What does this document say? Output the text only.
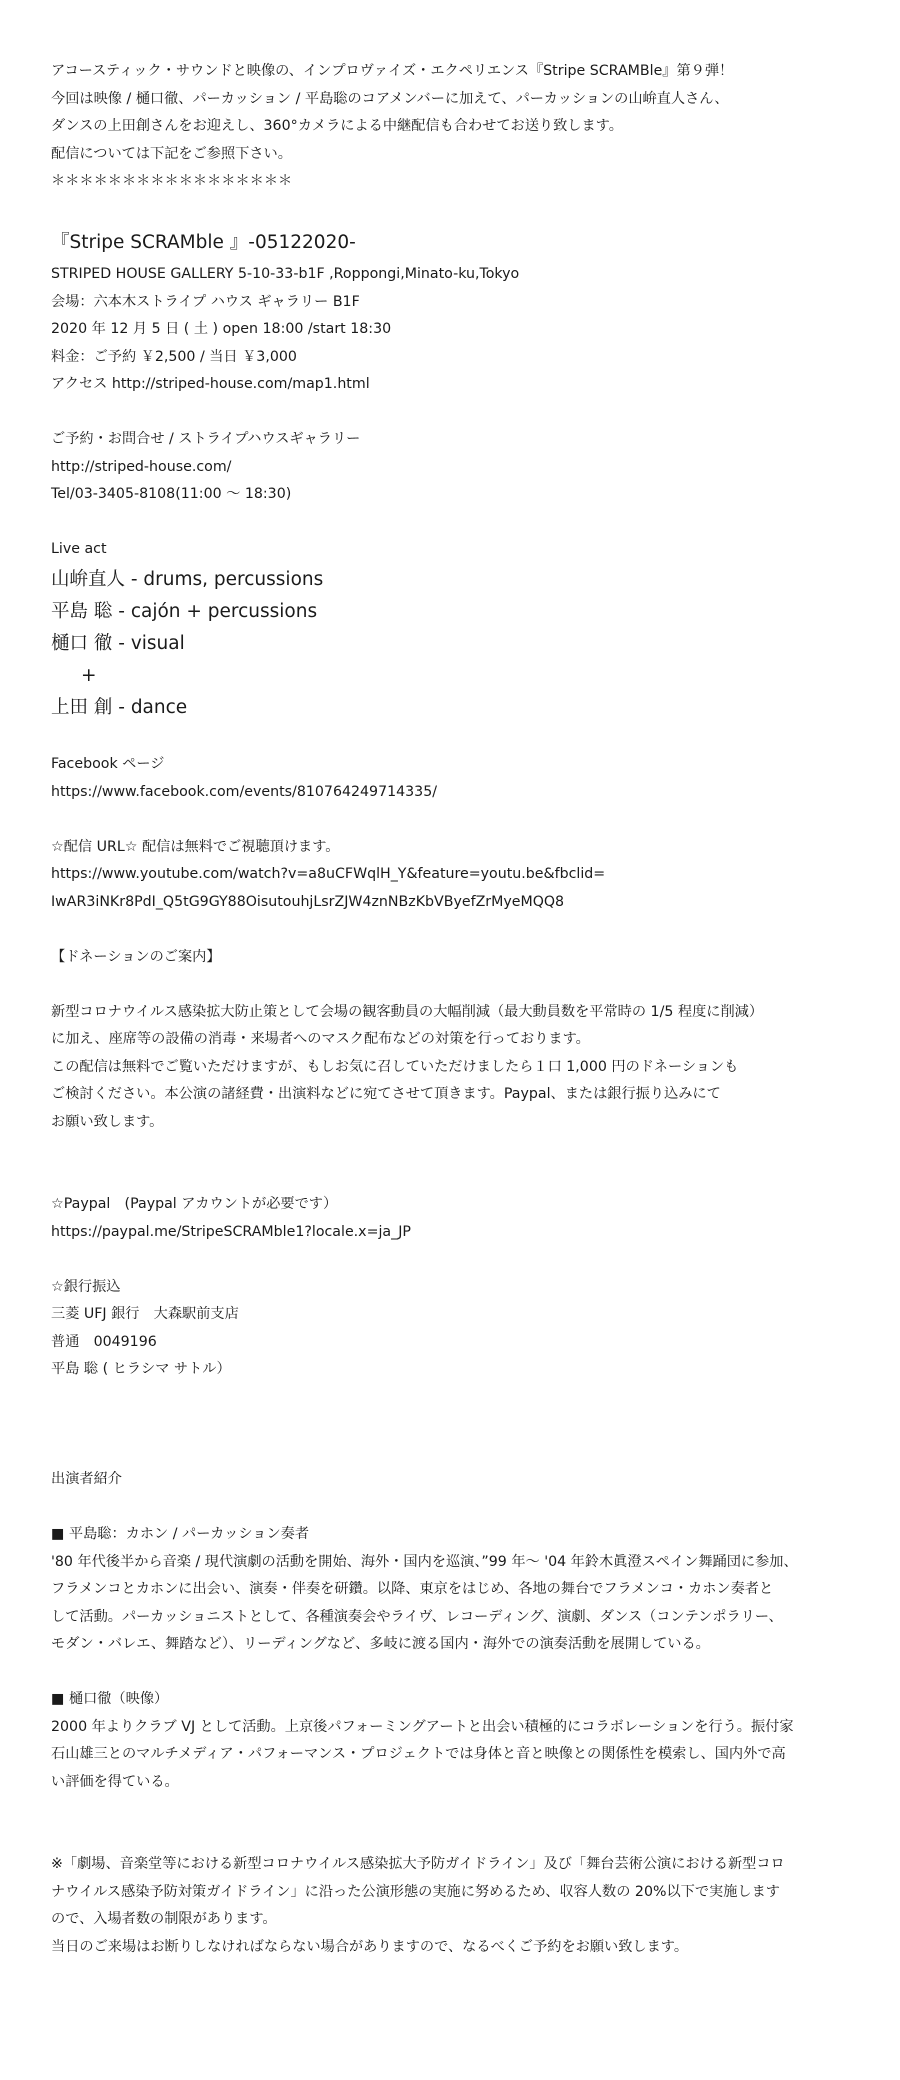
アコースティック・サウンドと映像の、インプロヴァイズ・エクペリエンス『Stripe SCRAMBle』第９弾！
今回は映像 / 樋口徹、パーカッション / 平島聡のコアメンバーに加えて、パーカッションの山峅直人さん、
ダンスの上田創さんをお迎えし、360°カメラによる中継配信も合わせてお送り致します。
配信については下記をご参照下さい。
＊＊＊＊＊＊＊＊＊＊＊＊＊＊＊＊＊
『Stripe SCRAMble 』-05122020-
STRIPED HOUSE GALLERY 5-10-33-b1F ,Roppongi,Minato-ku,Tokyo
会場：六本木ストライプ ハウス ギャラリー B1F
2020 年 12 月 5 日 ( 土 ) open 18:00 /start 18:30
料金：ご予約 ￥2,500 / 当日 ￥3,000
アクセス http://striped-house.com/map1.html
ご予約・お問合せ / ストライプハウスギャラリー
http://striped-house.com/
Tel/03-3405-8108(11:00 〜 18:30)
Live act
山峅直人 - drums, percussions
平島 聡 - cajón + percussions
樋口 徹 - visual
+
上田 創 - dance
Facebook ページ
https://www.facebook.com/events/810764249714335/
☆配信 URL☆ 配信は無料でご視聴頂けます。
https://www.youtube.com/watch?v=a8uCFWqlH_Y&feature=youtu.be&fbclid=
IwAR3iNKr8PdI_Q5tG9GY88OisutouhjLsrZJW4znNBzKbVByefZrMyeMQQ8
【ドネーションのご案内】
新型コロナウイルス感染拡大防止策として会場の観客動員の大幅削減（最大動員数を平常時の 1/5 程度に削減）
に加え、座席等の設備の消毒・来場者へのマスク配布などの対策を行っております。
この配信は無料でご覧いただけますが、もしお気に召していただけましたら１口 1,000 円のドネーションも
ご検討ください。本公演の諸経費・出演料などに宛てさせて頂きます。Paypal、または銀行振り込みにて
お願い致します。
☆Paypal　(Paypal アカウントが必要です）
https://paypal.me/StripeSCRAMble1?locale.x=ja_JP
☆銀行振込
三菱 UFJ 銀行　大森駅前支店
普通　0049196
平島 聡 ( ヒラシマ サトル）
出演者紹介
■ 平島聡：カホン / パーカッション奏者
'80 年代後半から音楽 / 現代演劇の活動を開始、海外・国内を巡演、”99 年〜 '04 年鈴木眞澄スペイン舞踊団に参加、
フラメンコとカホンに出会い、演奏・伴奏を研鑽。以降、東京をはじめ、各地の舞台でフラメンコ・カホン奏者と
して活動。パーカッショニストとして、各種演奏会やライヴ、レコーディング、演劇、ダンス（コンテンポラリー、
モダン・バレエ、舞踏など）、リーディングなど、多岐に渡る国内・海外での演奏活動を展開している。
■ 樋口徹（映像）
2000 年よりクラブ VJ として活動。上京後パフォーミングアートと出会い積極的にコラボレーションを行う。振付家
石山雄三とのマルチメディア・パフォーマンス・プロジェクトでは身体と音と映像との関係性を模索し、国内外で高
い評価を得ている。
※「劇場、音楽堂等における新型コロナウイルス感染拡大予防ガイドライン」及び「舞台芸術公演における新型コロ
ナウイルス感染予防対策ガイドライン」に沿った公演形態の実施に努めるため、収容人数の 20%以下で実施します
ので、入場者数の制限があります。
当日のご来場はお断りしなければならない場合がありますので、なるべくご予約をお願い致します。
